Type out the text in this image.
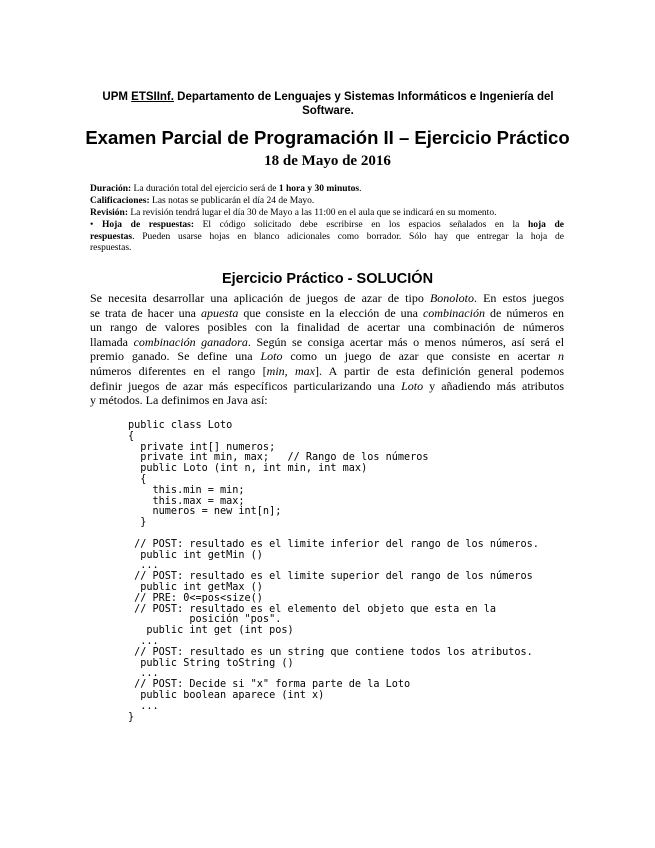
UPM ETSIInf. Departamento de Lenguajes y Sistemas Informáticos e Ingeniería del
Software.
Examen Parcial de Programación II – Ejercicio Práctico
18 de Mayo de 2016
Duración: La duración total del ejercicio será de 1 hora y 30 minutos.
Calificaciones: Las notas se publicarán el día 24 de Mayo.
Revisión: La revisión tendrá lugar el día 30 de Mayo a las 11:00 en el aula que se indicará en su momento.
• Hoja de respuestas: El código solicitado debe escribirse en los espacios señalados en la hoja de
respuestas. Pueden usarse hojas en blanco adicionales como borrador. Sólo hay que entregar la hoja de
respuestas.
Ejercicio Práctico - SOLUCIÓN
Se necesita desarrollar una aplicación de juegos de azar de tipo Bonoloto. En estos juegos
se trata de hacer una apuesta que consiste en la elección de una combinación de números en
un rango de valores posibles con la finalidad de acertar una combinación de números
llamada combinación ganadora. Según se consiga acertar más o menos números, así será el
premio ganado. Se define una Loto como un juego de azar que consiste en acertar n
números diferentes en el rango [min, max]. A partir de esta definición general podemos
definir juegos de azar más específicos particularizando una Loto y añadiendo más atributos
y métodos. La definimos en Java así:
public class Loto
{
private int[] numeros;
private int min, max;   // Rango de los números
public Loto (int n, int min, int max)
{
this.min = min;
this.max = max;
numeros = new int[n];
}
// POST: resultado es el limite inferior del rango de los números.
public int getMin ()
...
// POST: resultado es el limite superior del rango de los números
public int getMax ()
// PRE: 0<=pos<size()
// POST: resultado es el elemento del objeto que esta en la
posición "pos".
public int get (int pos)
...
// POST: resultado es un string que contiene todos los atributos.
public String toString ()
...
// POST: Decide si "x" forma parte de la Loto
public boolean aparece (int x)
...
}
